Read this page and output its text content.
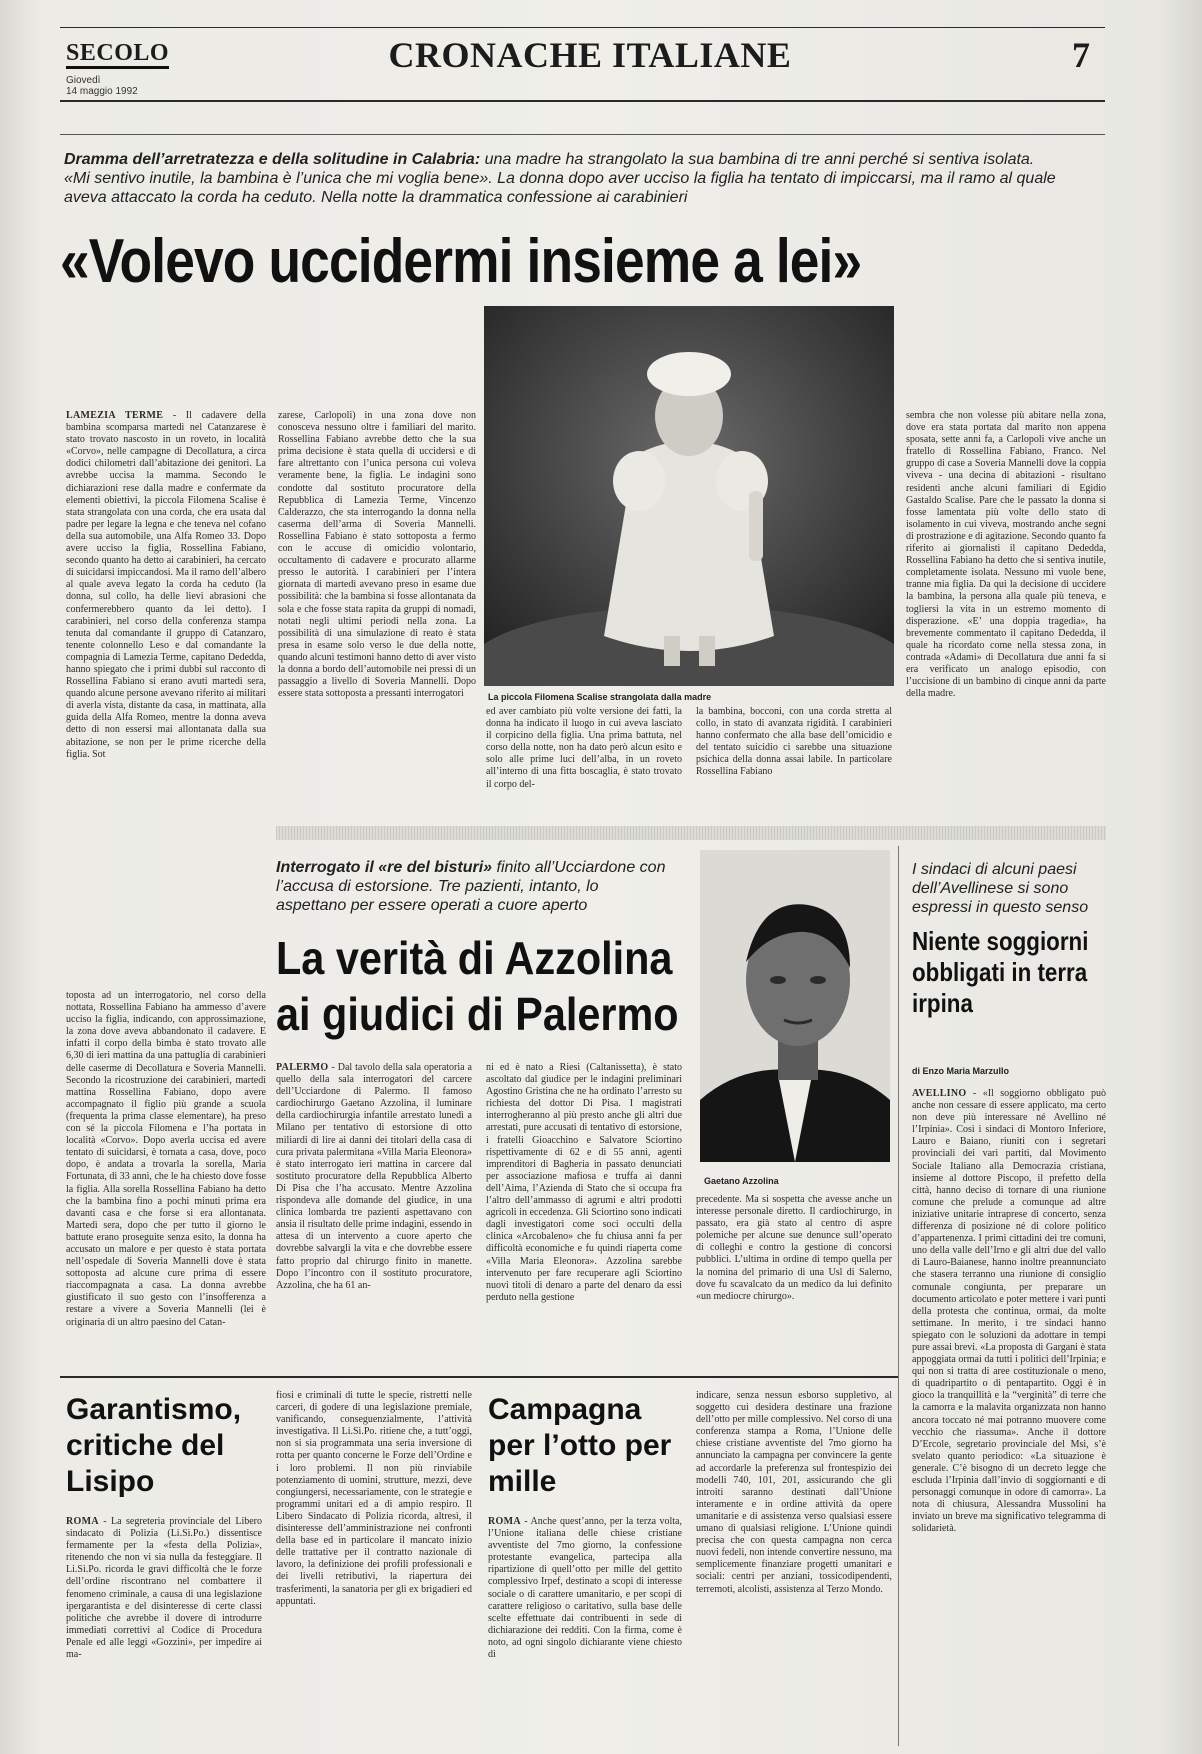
SECOLO
Giovedì
14 maggio 1992
CRONACHE ITALIANE	7
Dramma dell’arretratezza e della solitudine in Calabria: una madre ha strangolato la sua bambina di tre anni perché si sentiva isolata. «Mi sentivo inutile, la bambina è l’unica che mi voglia bene». La donna dopo aver ucciso la figlia ha tentato di impiccarsi, ma il ramo al quale aveva attaccato la corda ha ceduto. Nella notte la drammatica confessione ai carabinieri
«Volevo uccidermi insieme a lei»
La piccola Filomena Scalise strangolata dalla madre
LAMEZIA TERME - Il cadavere della bambina scomparsa martedì nel Catanzarese è stato trovato nascosto in un roveto, in località «Corvo», nelle campagne di Decollatura, a circa dodici chilometri dall’abitazione dei genitori. La avrebbe uccisa la mamma. Secondo le dichiarazioni rese dalla madre e confermate da elementi obiettivi, la piccola Filomena Scalise è stata strangolata con una corda, che era usata dal padre per legare la legna e che teneva nel cofano della sua automobile, una Alfa Romeo 33. Dopo avere ucciso la figlia, Rossellina Fabiano, secondo quanto ha detto ai carabinieri, ha cercato di suicidarsi impiccandosi. Ma il ramo dell’albero al quale aveva legato la corda ha ceduto (la donna, sul collo, ha delle lievi abrasioni che confermerebbero quanto da lei detto). I carabinieri, nel corso della conferenza stampa tenuta dal comandante il gruppo di Catanzaro, tenente colonnello Leso e dal comandante la compagnia di Lamezia Terme, capitano Dededda, hanno spiegato che i primi dubbi sul racconto di Rossellina Fabiano si erano avuti martedì sera, quando alcune persone avevano riferito ai militari di averla vista, distante da casa, in mattinata, alla guida della Alfa Romeo, mentre la donna aveva detto di non essersi mai allontanata dalla sua abitazione, se non per le prime ricerche della figlia. Sot
toposta ad un interrogatorio, nel corso della nottata, Rossellina Fabiano ha ammesso d’avere ucciso la figlia, indicando, con approssimazione, la zona dove aveva abbandonato il cadavere. E infatti il corpo della bimba è stato trovato alle 6,30 di ieri mattina da una pattuglia di carabinieri delle caserme di Decollatura e Soveria Mannelli. Secondo la ricostruzione dei carabinieri, martedì mattina Rossellina Fabiano, dopo avere accompagnato il figlio più grande a scuola (frequenta la prima classe elementare), ha preso con sé la piccola Filomena e l’ha portata in località «Corvo». Dopo averla uccisa ed avere tentato di suicidarsi, è tornata a casa, dove, poco dopo, è andata a trovarla la sorella, Maria Fortunata, di 33 anni, che le ha chiesto dove fosse la figlia. Alla sorella Rossellina Fabiano ha detto che la bambina fino a pochi minuti prima era davanti casa e che forse si era allontanata. Martedì sera, dopo che per tutto il giorno le battute erano proseguite senza esito, la donna ha accusato un malore e per questo è stata portata nell’ospedale di Soveria Mannelli dove è stata sottoposta ad alcune cure prima di essere riaccompagnata a casa. La donna avrebbe giustificato il suo gesto con l’insofferenza a restare a vivere a Soveria Mannelli (lei è originaria di un altro paesino del Catan-
zarese, Carlopoli) in una zona dove non conosceva nessuno oltre i familiari del marito. Rossellina Fabiano avrebbe detto che la sua prima decisione è stata quella di uccidersi e di fare altrettanto con l’unica persona cui voleva veramente bene, la figlia. Le indagini sono condotte dal sostituto procuratore della Repubblica di Lamezia Terme, Vincenzo Calderazzo, che sta interrogando la donna nella caserma dell’arma di Soveria Mannelli. Rossellina Fabiano è stato sottoposta a fermo con le accuse di omicidio volontario, occultamento di cadavere e procurato allarme presso le autorità. I carabinieri per l’intera giornata di martedì avevano preso in esame due possibilità: che la bambina si fosse allontanata da sola e che fosse stata rapita da gruppi di nomadi, notati negli ultimi periodi nella zona. La possibilità di una simulazione di reato è stata presa in esame solo verso le due della notte, quando alcuni testimoni hanno detto di aver visto la donna a bordo dell’automobile nei pressi di un passaggio a livello di Soveria Mannelli. Dopo essere stata sottoposta a pressanti interrogatori
ed aver cambiato più volte versione dei fatti, la donna ha indicato il luogo in cui aveva lasciato il corpicino della figlia. Una prima battuta, nel corso della notte, non ha dato però alcun esito e solo alle prime luci dell’alba, in un roveto all’interno di una fitta boscaglia, è stato trovato il corpo del-
la bambina, bocconi, con una corda stretta al collo, in stato di avanzata rigidità. I carabinieri hanno confermato che alla base dell’omicidio e del tentato suicidio ci sarebbe una situazione psichica della donna assai labile. In particolare Rossellina Fabiano
sembra che non volesse più abitare nella zona, dove era stata portata dal marito non appena sposata, sette anni fa, a Carlopoli vive anche un fratello di Rossellina Fabiano, Franco. Nel gruppo di case a Soveria Mannelli dove la coppia viveva - una decina di abitazioni - risultano residenti anche alcuni familiari di Egidio Gastaldo Scalise. Pare che le passato la donna si fosse lamentata più volte dello stato di isolamento in cui viveva, mostrando anche segni di prostrazione e di agitazione. Secondo quanto fa riferito ai giornalisti il capitano Dededda, Rossellina Fabiano ha detto che si sentiva inutile, completamente isolata. Nessuno mi vuole bene, tranne mia figlia. Da qui la decisione di uccidere la bambina, la persona alla quale più teneva, e togliersi la vita in un estremo momento di disperazione. «E’ una doppia tragedia», ha brevemente commentato il capitano Dededda, il quale ha ricordato come nella stessa zona, in contrada «Adami» di Decollatura due anni fa si era verificato un analogo episodio, con l’uccisione di un bambino di cinque anni da parte della madre.
Interrogato il «re del bisturi» finito all’Ucciardone con l’accusa di estorsione. Tre pazienti, intanto, lo aspettano per essere operati a cuore aperto
La verità di Azzolina
ai giudici di Palermo
Gaetano Azzolina
PALERMO - Dal tavolo della sala operatoria a quello della sala interrogatori del carcere dell’Ucciardone di Palermo. Il famoso cardiochirurgo Gaetano Azzolina, il luminare della cardiochirurgia infantile arrestato lunedì a Milano per tentativo di estorsione di otto miliardi di lire ai danni dei titolari della casa di cura privata palermitana «Villa Maria Eleonora» è stato interrogato ieri mattina in carcere dal sostituto procuratore della Repubblica Alberto Di Pisa che l’ha accusato. Mentre Azzolina rispondeva alle domande del giudice, in una clinica lombarda tre pazienti aspettavano con ansia il risultato delle prime indagini, essendo in attesa di un intervento a cuore aperto che dovrebbe salvargli la vita e che dovrebbe essere fatto proprio dal chirurgo finito in manette. Dopo l’incontro con il sostituto procuratore, Azzolina, che ha 61 an-
ni ed è nato a Riesi (Caltanissetta), è stato ascoltato dal giudice per le indagini preliminari Agostino Gristina che ne ha ordinato l’arresto su richiesta del dottor Di Pisa. I magistrati interrogheranno al più presto anche gli altri due arrestati, pure accusati di tentativo di estorsione, i fratelli Gioacchino e Salvatore Sciortino rispettivamente di 62 e di 55 anni, agenti imprenditori di Bagheria in passato denunciati per associazione mafiosa e truffa ai danni dell’Aima, l’Azienda di Stato che si occupa fra l’altro dell’ammasso di agrumi e altri prodotti agricoli in eccedenza. Gli Sciortino sono indicati dagli investigatori come soci occulti della clinica «Arcobaleno» che fu chiusa anni fa per difficoltà economiche e fu quindi riaperta come «Villa Maria Eleonora». Azzolina sarebbe intervenuto per fare recuperare agli Sciortino nuovi titoli di denaro a parte del denaro da essi perduto nella gestione
precedente. Ma si sospetta che avesse anche un interesse personale diretto. Il cardiochirurgo, in passato, era già stato al centro di aspre polemiche per alcune sue denunce sull’operato di colleghi e contro la gestione di concorsi pubblici. L’ultima in ordine di tempo quella per la nomina del primario di una Usl di Salerno, dove fu scavalcato da un medico da lui definito «un mediocre chirurgo».
I sindaci di alcuni paesi dell’Avellinese si sono espressi in questo senso
Niente soggiorni obbligati in terra irpina
di Enzo Maria Marzullo
AVELLINO - «Il soggiorno obbligato può anche non cessare di essere applicato, ma certo non deve più interessare né Avellino né l’Irpinia». Così i sindaci di Montoro Inferiore, Lauro e Baiano, riuniti con i segretari provinciali dei vari partiti, dal Movimento Sociale Italiano alla Democrazia cristiana, insieme al dottore Piscopo, il prefetto della città, hanno deciso di tornare di una riunione comune che prelude a comunque ad altre iniziative unitarie intraprese di concerto, senza differenza di posizione né di colore politico d’appartenenza. I primi cittadini dei tre comuni, uno della valle dell’Irno e gli altri due del vallo di Lauro-Baianese, hanno inoltre preannunciato che stasera terranno una riunione di consiglio comunale congiunta, per preparare un documento articolato e poter mettere i vari punti della protesta che continua, ormai, da molte settimane. In merito, i tre sindaci hanno spiegato con le soluzioni da adottare in tempi pure assai brevi. «La proposta di Gargani è stata appoggiata ormai da tutti i politici dell’Irpinia; e qui non si tratta di aree costituzionale o meno, di quadripartito o di pentapartito. Oggi è in gioco la tranquillità e la “verginità” di terre che la camorra e la malavita organizzata non hanno ancora toccato né mai potranno muovere come vecchio che riassuma». Anche il dottore D’Ercole, segretario provinciale del Msi, s’è svelato quanto periodico: «La situazione è generale. C’è bisogno di un decreto legge che escluda l’Irpinia dall’invio di soggiornanti e di personaggi comunque in odore di camorra». La nota di chiusura, Alessandra Mussolini ha inviato un breve ma significativo telegramma di solidarietà.
Garantismo, critiche del Lisipo
ROMA - La segreteria provinciale del Libero sindacato di Polizia (Li.Si.Po.) dissentisce fermamente per la «festa della Polizia», ritenendo che non vi sia nulla da festeggiare. Il Li.Si.Po. ricorda le gravi difficoltà che le forze dell’ordine riscontrano nel combattere il fenomeno criminale, a causa di una legislazione ipergarantista e del disinteresse di certe classi politiche che avrebbe il dovere di introdurre immediati correttivi al Codice di Procedura Penale ed alle leggi «Gozzini», per impedire ai ma-
fiosi e criminali di tutte le specie, ristretti nelle carceri, di godere di una legislazione premiale, vanificando, conseguenzialmente, l’attività investigativa. Il Li.Si.Po. ritiene che, a tutt’oggi, non si sia programmata una seria inversione di rotta per quanto concerne le Forze dell’Ordine e i loro problemi. Il non più rinviabile potenziamento di uomini, strutture, mezzi, deve congiungersi, necessariamente, con le strategie e programmi unitari ed a di ampio respiro. Il Libero Sindacato di Polizia ricorda, altresì, il disinteresse dell’amministrazione nei confronti della base ed in particolare il mancato inizio delle trattative per il contratto nazionale di lavoro, la definizione dei profili professionali e dei livelli retributivi, la riapertura dei trasferimenti, la sanatoria per gli ex brigadieri ed appuntati.
Campagna per l’otto per mille
ROMA - Anche quest’anno, per la terza volta, l’Unione italiana delle chiese cristiane avventiste del 7mo giorno, la confessione protestante evangelica, partecipa alla ripartizione di quell’otto per mille del gettito complessivo Irpef, destinato a scopi di interesse sociale o di carattere umanitario, e per scopi di carattere religioso o caritativo, sulla base delle scelte effettuate dai contribuenti in sede di dichiarazione dei redditi. Con la firma, come è noto, ad ogni singolo dichiarante viene chiesto di
indicare, senza nessun esborso suppletivo, al soggetto cui desidera destinare una frazione dell’otto per mille complessivo. Nel corso di una conferenza stampa a Roma, l’Unione delle chiese cristiane avventiste del 7mo giorno ha annunciato la campagna per convincere la gente ad accordarle la preferenza sul frontespizio dei modelli 740, 101, 201, assicurando che gli introiti saranno destinati dall’Unione interamente e in ordine attività da opere umanitarie e di assistenza verso qualsiasi essere umano di qualsiasi religione. L’Unione quindi precisa che con questa campagna non cerca nuovi fedeli, non intende convertire nessuno, ma semplicemente finanziare progetti umanitari e sociali: centri per anziani, tossicodipendenti, terremoti, alcolisti, assistenza al Terzo Mondo.
